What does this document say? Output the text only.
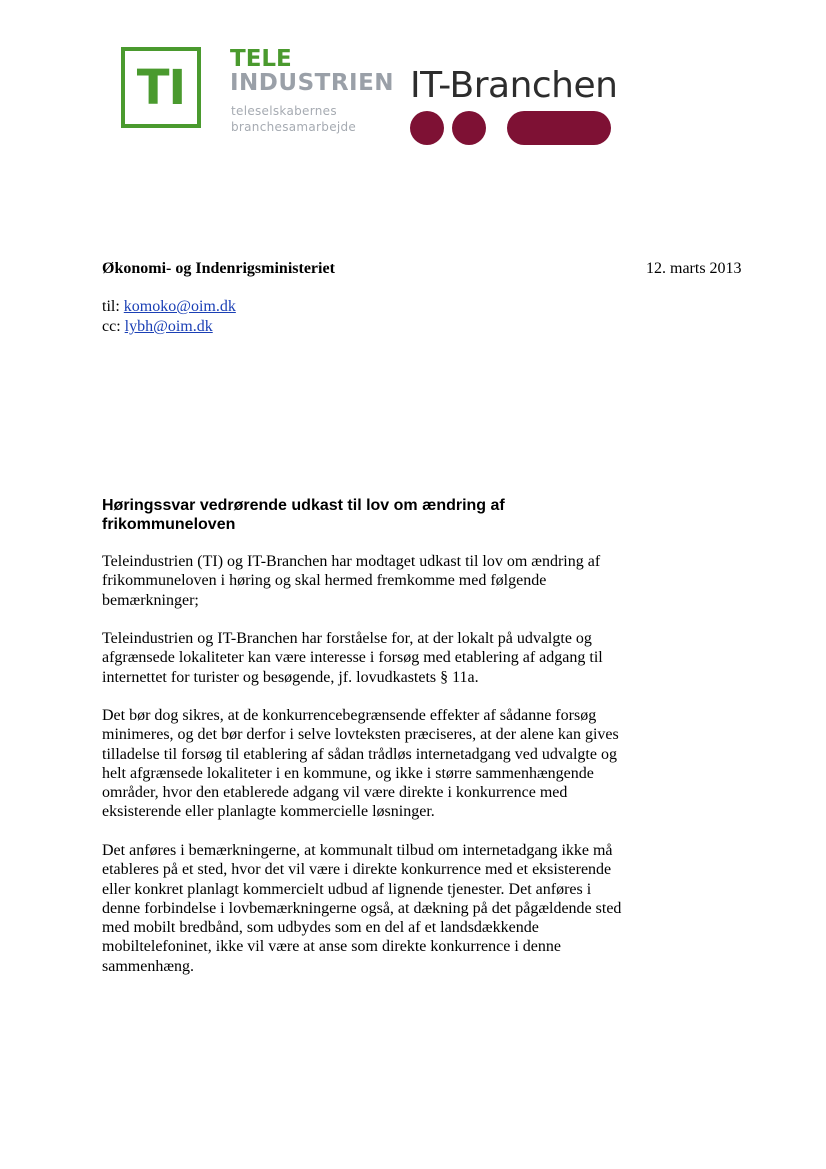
TI
TELE
INDUSTRIEN
teleselskabernes
branchesamarbejde
IT-Branchen
Økonomi- og Indenrigsministeriet	12. marts 2013
til: komoko@oim.dk
cc: lybh@oim.dk
Høringssvar vedrørende udkast til lov om ændring af
frikommuneloven
Teleindustrien (TI) og IT-Branchen har modtaget udkast til lov om ændring af
frikommuneloven i høring og skal hermed fremkomme med følgende
bemærkninger;
Teleindustrien og IT-Branchen har forståelse for, at der lokalt på udvalgte og
afgrænsede lokaliteter kan være interesse i forsøg med etablering af adgang til
internettet for turister og besøgende, jf. lovudkastets § 11a.
Det bør dog sikres, at de konkurrencebegrænsende effekter af sådanne forsøg
minimeres, og det bør derfor i selve lovteksten præciseres, at der alene kan gives
tilladelse til forsøg til etablering af sådan trådløs internetadgang ved udvalgte og
helt afgrænsede lokaliteter i en kommune, og ikke i større sammenhængende
områder, hvor den etablerede adgang vil være direkte i konkurrence med
eksisterende eller planlagte kommercielle løsninger.
Det anføres i bemærkningerne, at kommunalt tilbud om internetadgang ikke må
etableres på et sted, hvor det vil være i direkte konkurrence med et eksisterende
eller konkret planlagt kommercielt udbud af lignende tjenester. Det anføres i
denne forbindelse i lovbemærkningerne også, at dækning på det pågældende sted
med mobilt bredbånd, som udbydes som en del af et landsdækkende
mobiltelefoninet, ikke vil være at anse som direkte konkurrence i denne
sammenhæng.
